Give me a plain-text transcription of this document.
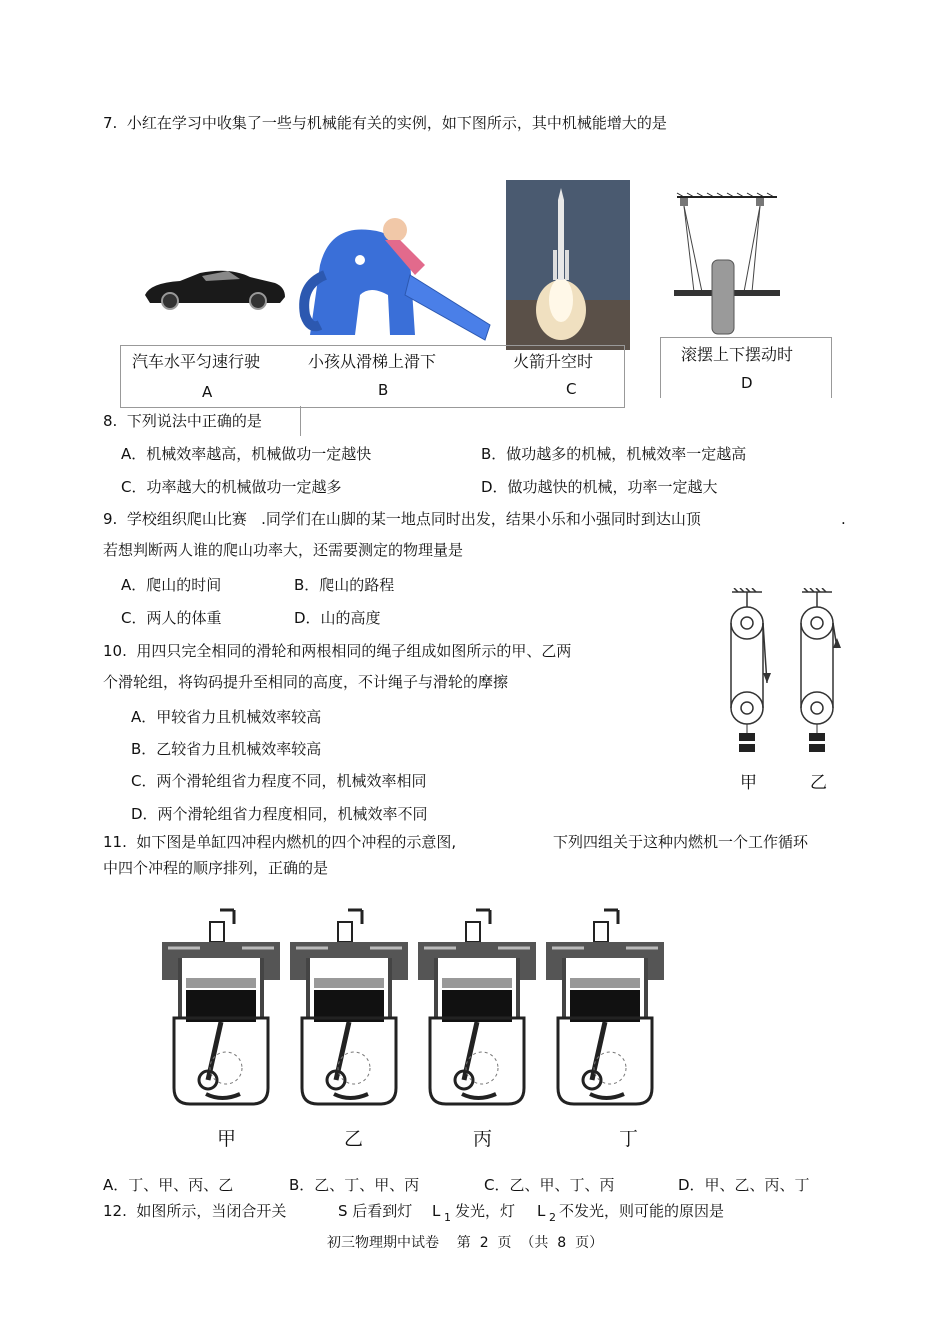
7.  小红在学习中收集了一些与机械能有关的实例，如下图所示，其中机械能增大的是
汽车水平匀速行驶	小孩从滑梯上滑下	火箭升空时	滚摆上下摆动时
A	B	C	D
8.  下列说法中正确的是
A．机械效率越高，机械做功一定越快	B．做功越多的机械，机械效率一定越高
C．功率越大的机械做功一定越多	D．做功越快的机械，功率一定越大
9.  学校组织爬山比赛   .同学们在山脚的某一地点同时出发，结果小乐和小强同时到达山顶	.
若想判断两人谁的爬山功率大，还需要测定的物理量是
A．爬山的时间	B．爬山的路程
C．两人的体重	D．山的高度
10.  用四只完全相同的滑轮和两根相同的绳子组成如图所示的甲、乙两
个滑轮组，将钩码提升至相同的高度，不计绳子与滑轮的摩擦
A．甲较省力且机械效率较高
B．乙较省力且机械效率较高
C．两个滑轮组省力程度不同，机械效率相同
D．两个滑轮组省力程度相同，机械效率不同
甲	乙
11.  如下图是单缸四冲程内燃机的四个冲程的示意图,	下列四组关于这种内燃机一个工作循环
中四个冲程的顺序排列，正确的是
甲	乙	丙	丁
A．丁、甲、丙、乙	B．乙、丁、甲、丙	C．乙、甲、丁、丙	D．甲、乙、丙、丁
12.  如图所示，当闭合开关	S 后看到灯 L 1 发光，灯 L 2 不发光，则可能的原因是
初三物理期中试卷    第  2  页  （共  8  页）
